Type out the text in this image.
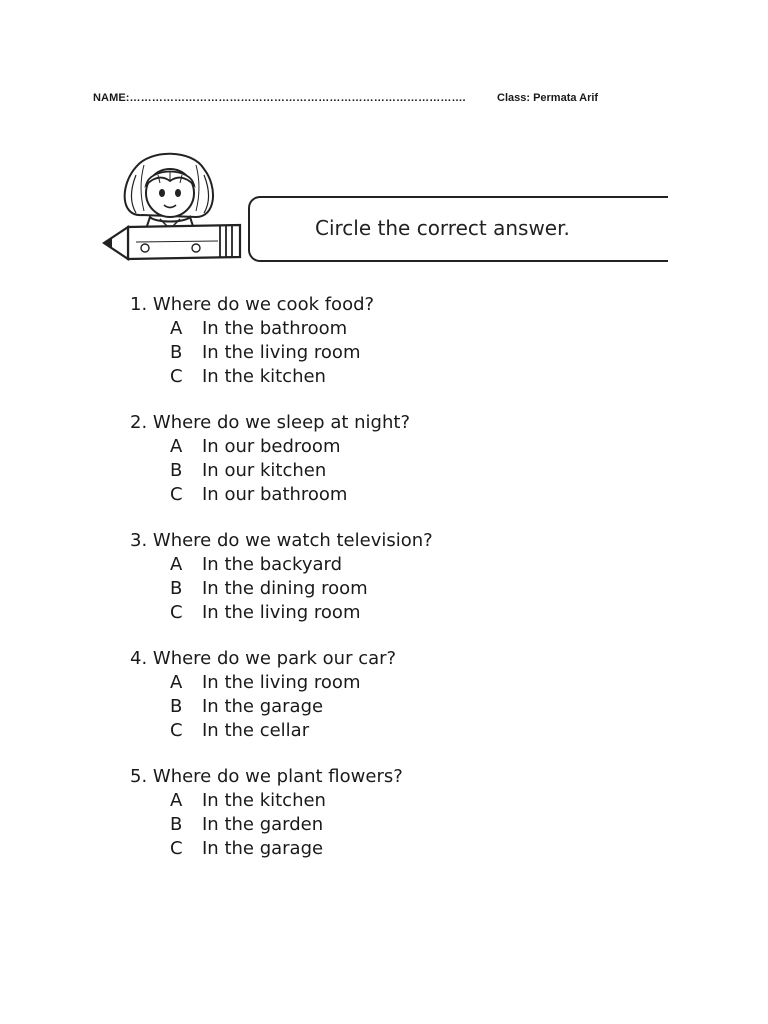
NAME:……………………………………………………………………………….	Class: Permata Arif
Circle the correct answer.
1. Where do we cook food?
A	In the bathroom
B	In the living room
C	In the kitchen
2. Where do we sleep at night?
A	In our bedroom
B	In our kitchen
C	In our bathroom
3. Where do we watch television?
A	In the backyard
B	In the dining room
C	In the living room
4. Where do we park our car?
A	In the living room
B	In the garage
C	In the cellar
5. Where do we plant flowers?
A	In the kitchen
B	In the garden
C	In the garage
